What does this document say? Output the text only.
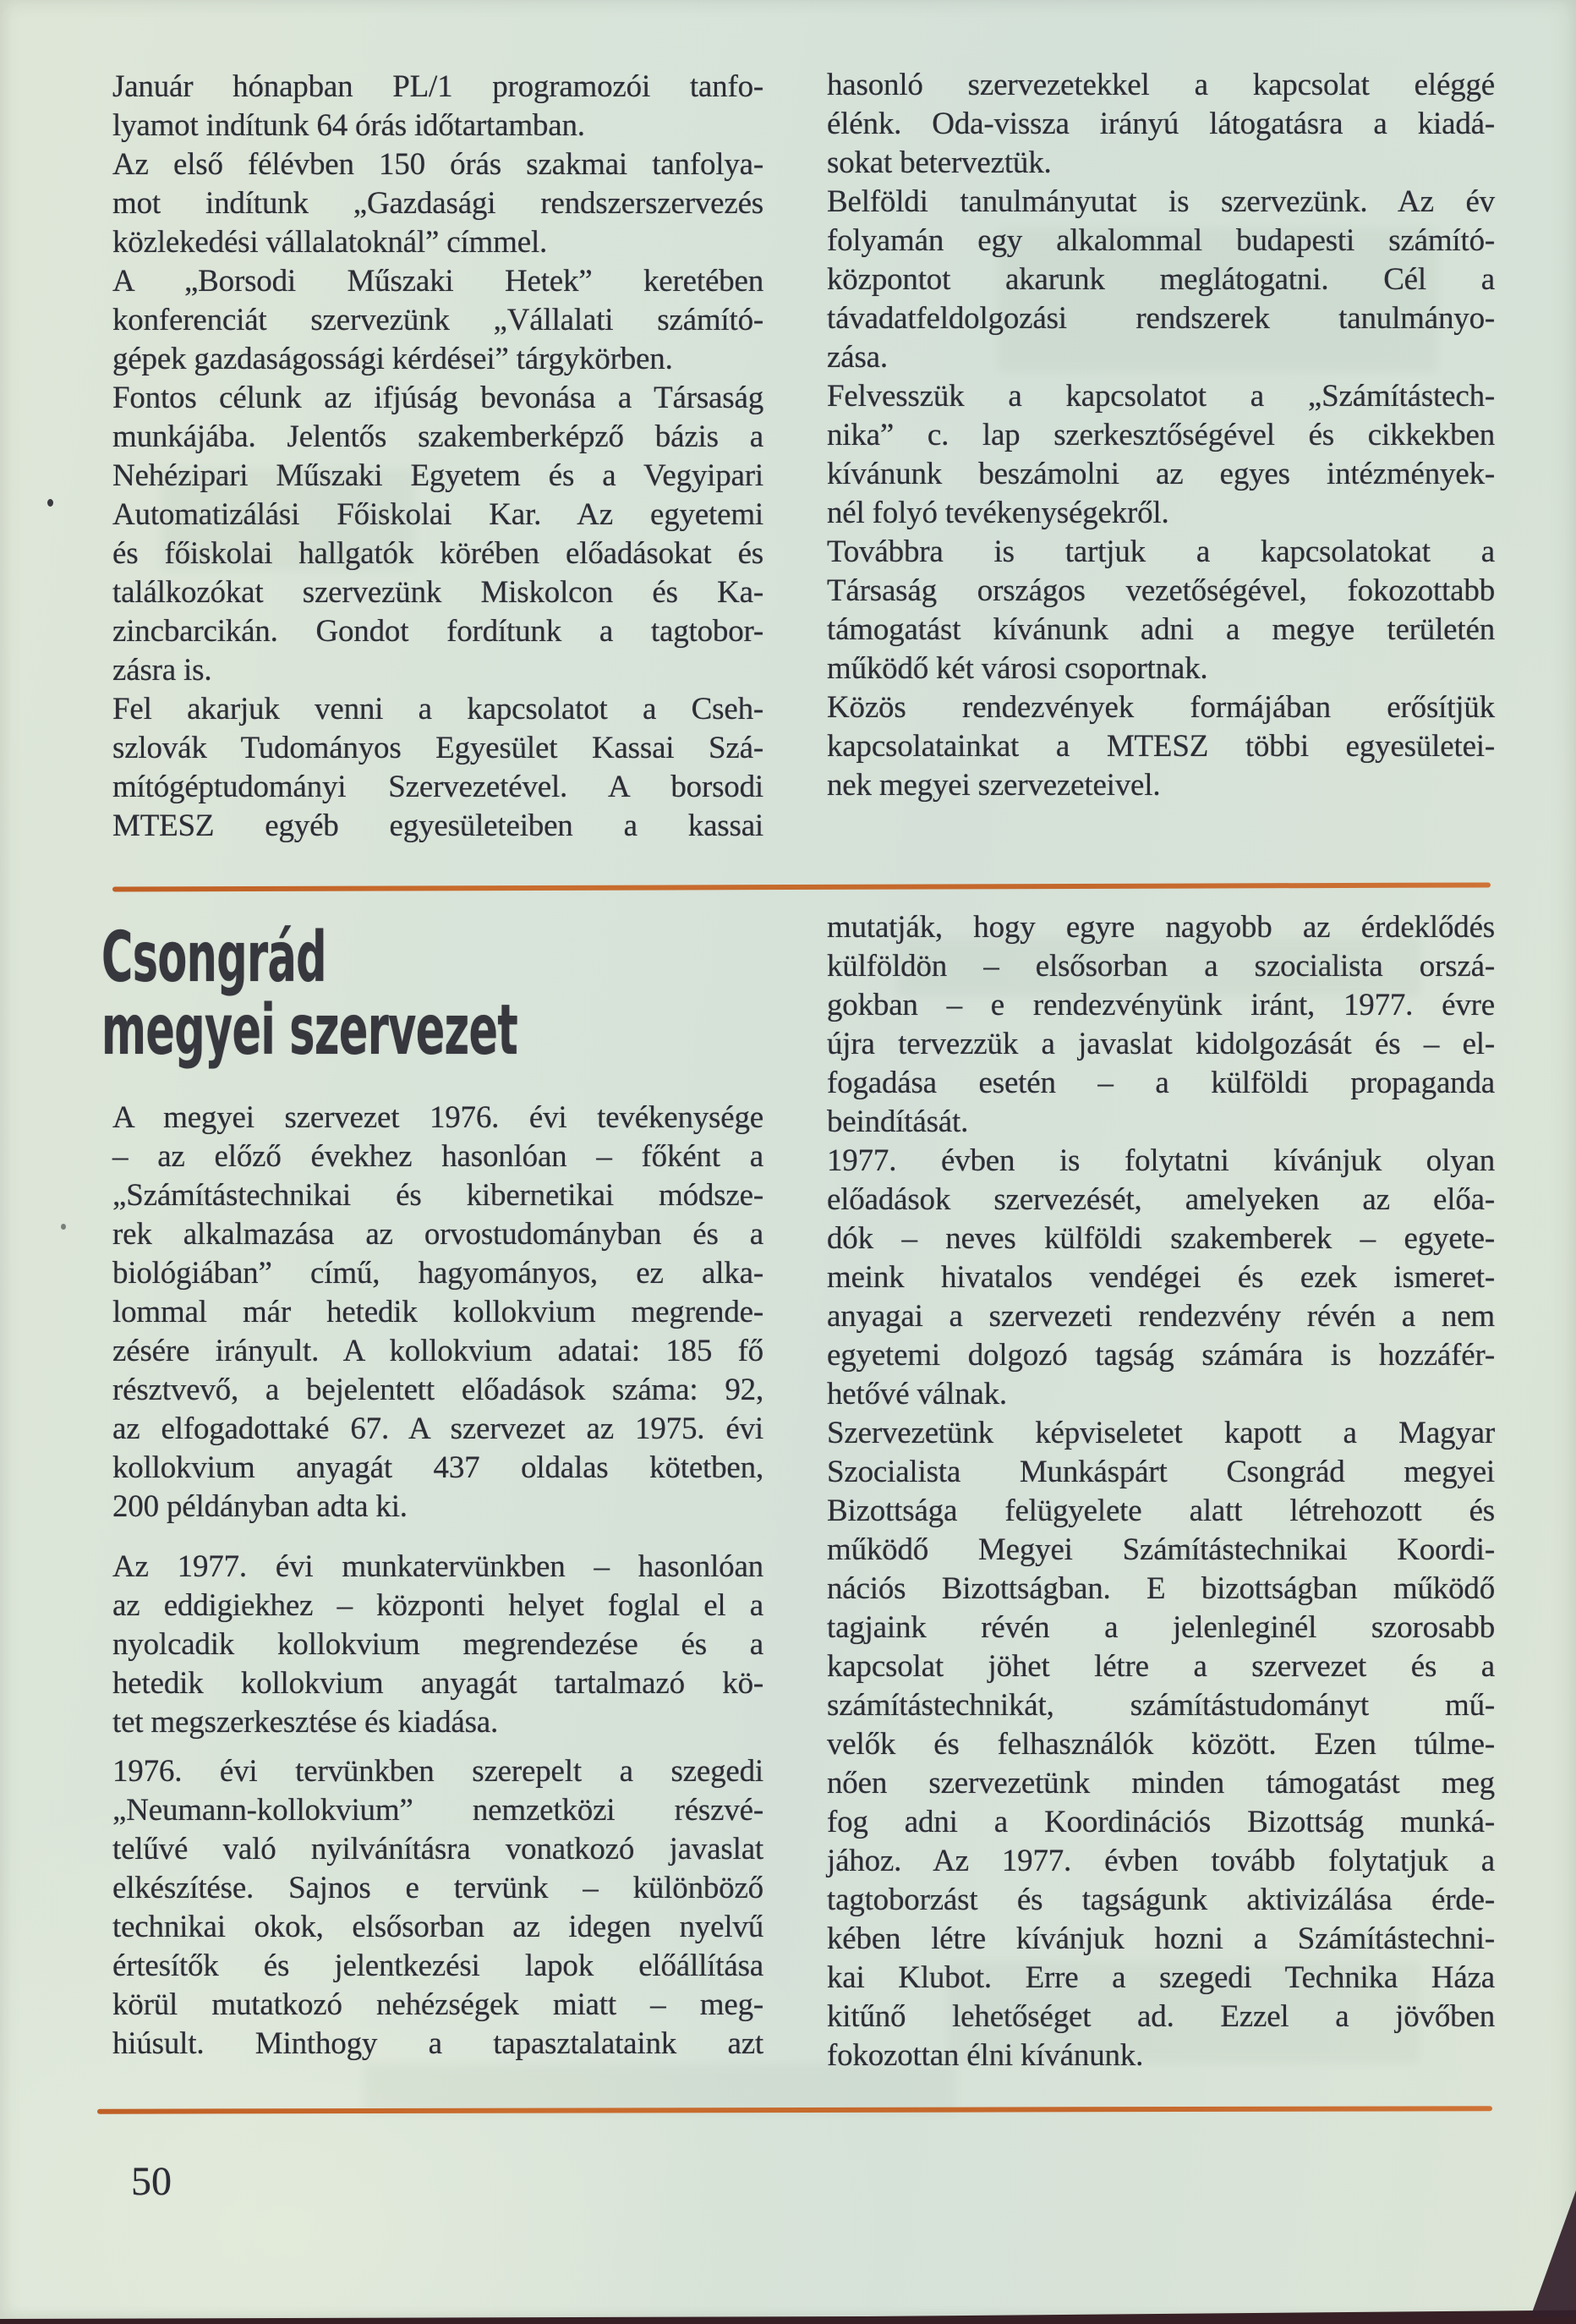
Január hónapban PL/1 programozói tanfo-
lyamot indítunk 64 órás időtartamban.
Az első félévben 150 órás szakmai tanfolya-
mot indítunk „Gazdasági rendszerszervezés
közlekedési vállalatoknál” címmel.
A „Borsodi Műszaki Hetek” keretében
konferenciát szervezünk „Vállalati számító-
gépek gazdaságossági kérdései” tárgykörben.
Fontos célunk az ifjúság bevonása a Társaság
munkájába. Jelentős szakemberképző bázis a
Nehézipari Műszaki Egyetem és a Vegyipari
Automatizálási Főiskolai Kar. Az egyetemi
és főiskolai hallgatók körében előadásokat és
találkozókat szervezünk Miskolcon és Ka-
zincbarcikán. Gondot fordítunk a tagtobor-
zásra is.
Fel akarjuk venni a kapcsolatot a Cseh-
szlovák Tudományos Egyesület Kassai Szá-
mítógéptudományi Szervezetével. A borsodi
MTESZ egyéb egyesületeiben a kassai
hasonló szervezetekkel a kapcsolat eléggé
élénk. Oda-vissza irányú látogatásra a kiadá-
sokat beterveztük.
Belföldi tanulmányutat is szervezünk. Az év
folyamán egy alkalommal budapesti számító-
központot akarunk meglátogatni. Cél a
távadatfeldolgozási rendszerek tanulmányo-
zása.
Felvesszük a kapcsolatot a „Számítástech-
nika” c. lap szerkesztőségével és cikkekben
kívánunk beszámolni az egyes intézmények-
nél folyó tevékenységekről.
Továbbra is tartjuk a kapcsolatokat a
Társaság országos vezetőségével, fokozottabb
támogatást kívánunk adni a megye területén
működő két városi csoportnak.
Közös rendezvények formájában erősítjük
kapcsolatainkat a MTESZ többi egyesületei-
nek megyei szervezeteivel.
Csongrád
megyei szervezet
A megyei szervezet 1976. évi tevékenysége
– az előző évekhez hasonlóan – főként a
„Számítástechnikai és kibernetikai módsze-
rek alkalmazása az orvostudományban és a
biológiában” című, hagyományos, ez alka-
lommal már hetedik kollokvium megrende-
zésére irányult. A kollokvium adatai: 185 fő
résztvevő, a bejelentett előadások száma: 92,
az elfogadottaké 67. A szervezet az 1975. évi
kollokvium anyagát 437 oldalas kötetben,
200 példányban adta ki.
Az 1977. évi munkatervünkben – hasonlóan
az eddigiekhez – központi helyet foglal el a
nyolcadik kollokvium megrendezése és a
hetedik kollokvium anyagát tartalmazó kö-
tet megszerkesztése és kiadása.
1976. évi tervünkben szerepelt a szegedi
„Neumann-kollokvium” nemzetközi részvé-
telűvé való nyilvánításra vonatkozó javaslat
elkészítése. Sajnos e tervünk – különböző
technikai okok, elsősorban az idegen nyelvű
értesítők és jelentkezési lapok előállítása
körül mutatkozó nehézségek miatt – meg-
hiúsult. Minthogy a tapasztalataink azt
mutatják, hogy egyre nagyobb az érdeklődés
külföldön – elsősorban a szocialista orszá-
gokban – e rendezvényünk iránt, 1977. évre
újra tervezzük a javaslat kidolgozását és – el-
fogadása esetén – a külföldi propaganda
beindítását.
1977. évben is folytatni kívánjuk olyan
előadások szervezését, amelyeken az előa-
dók – neves külföldi szakemberek – egyete-
meink hivatalos vendégei és ezek ismeret-
anyagai a szervezeti rendezvény révén a nem
egyetemi dolgozó tagság számára is hozzáfér-
hetővé válnak.
Szervezetünk képviseletet kapott a Magyar
Szocialista Munkáspárt Csongrád megyei
Bizottsága felügyelete alatt létrehozott és
működő Megyei Számítástechnikai Koordi-
nációs Bizottságban. E bizottságban működő
tagjaink révén a jelenleginél szorosabb
kapcsolat jöhet létre a szervezet és a
számítástechnikát, számítástudományt mű-
velők és felhasználók között. Ezen túlme-
nően szervezetünk minden támogatást meg
fog adni a Koordinációs Bizottság munká-
jához. Az 1977. évben tovább folytatjuk a
tagtoborzást és tagságunk aktivizálása érde-
kében létre kívánjuk hozni a Számítástechni-
kai Klubot. Erre a szegedi Technika Háza
kitűnő lehetőséget ad. Ezzel a jövőben
fokozottan élni kívánunk.
50
